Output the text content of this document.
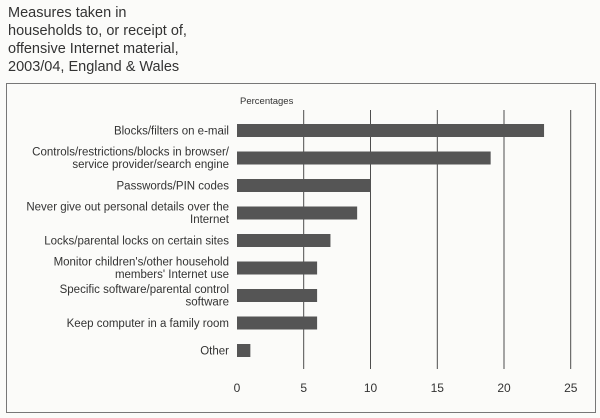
Measures taken in
households to, or receipt of,
offensive Internet material,
2003/04, England & Wales
Blocks/filters on e-mail
Controls/restrictions/blocks in browser/ service provider/search engine
Passwords/PIN codes
Never give out personal details over the Internet
Locks/parental locks on certain sites
Monitor children's/other household members' Internet use
Specific software/parental control software
Keep computer in a family room
Other
0	5	10	15	20	25
Percentages
